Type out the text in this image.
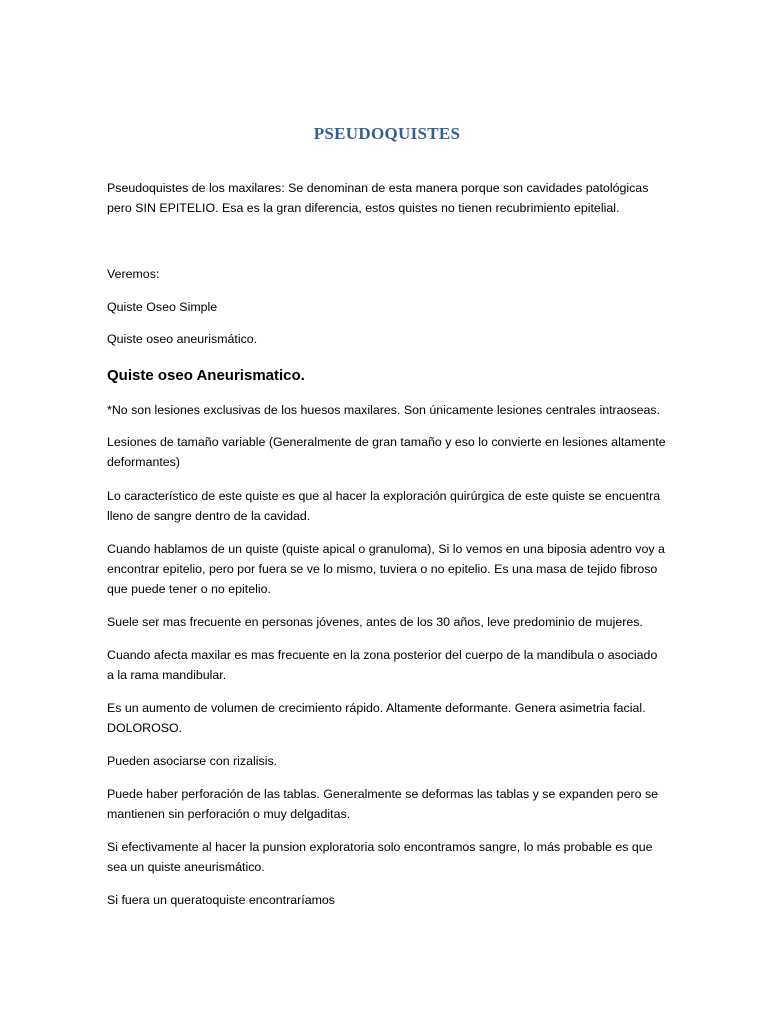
PSEUDOQUISTES

Pseudoquistes de los maxilares: Se denominan de esta manera porque son cavidades patológicas pero SIN EPITELIO. Esa es la gran diferencia, estos quistes no tienen recubrimiento epitelial.

Veremos:

Quiste Oseo Simple

Quiste oseo aneurismático.

Quiste oseo Aneurismatico.

*No son lesiones exclusivas de los huesos maxilares. Son únicamente lesiones centrales intraoseas.

Lesiones de tamaño variable (Generalmente de gran tamaño y eso lo convierte en lesiones altamente deformantes)

Lo característico de este quiste es que al hacer la exploración quirúrgica de este quiste se encuentra lleno de sangre dentro de la cavidad.

Cuando hablamos de un quiste (quiste apical o granuloma), Si lo vemos en una biposia adentro voy a encontrar epitelio, pero por fuera se ve lo mismo, tuviera o no epitelio. Es una masa de tejido fibroso que puede tener o no epitelio.

Suele ser mas frecuente en personas jóvenes, antes de los 30 años, leve predominio de mujeres.

Cuando afecta maxilar es mas frecuente en la zona posterior del cuerpo de la mandibula o asociado a la rama mandibular.

Es un aumento de volumen de crecimiento rápido. Altamente deformante. Genera asimetria facial. DOLOROSO.

Pueden asociarse con rizalisis.

Puede haber perforación de las tablas. Generalmente se deformas las tablas y se expanden pero se mantienen sin perforación o muy delgaditas.

Si efectivamente al hacer la punsion exploratoria solo encontramos sangre, lo más probable es que sea un quiste aneurismático.

Si fuera un queratoquiste encontraríamos
